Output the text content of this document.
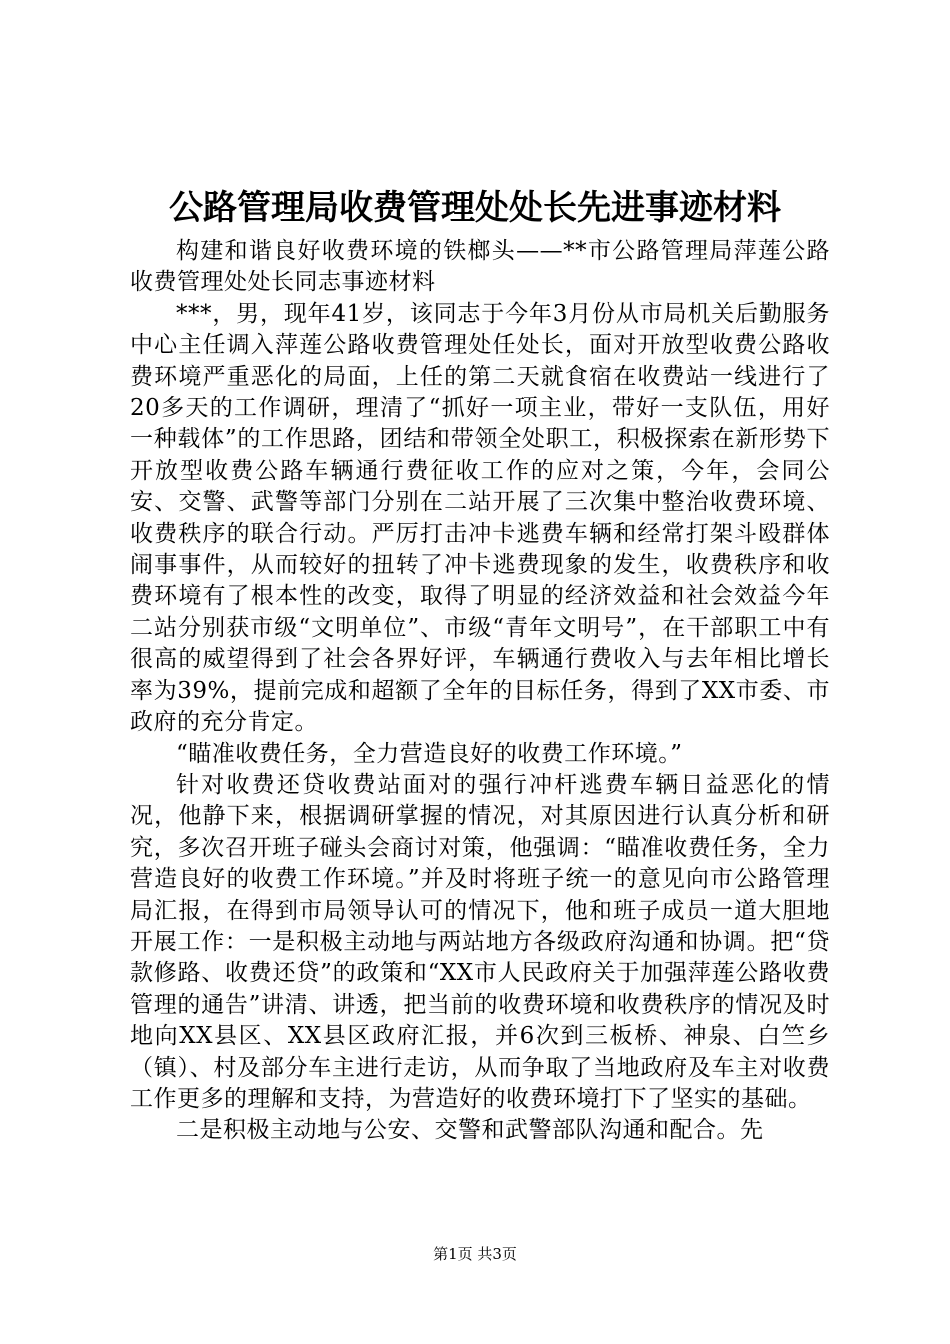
公路管理局收费管理处处长先进事迹材料

构建和谐良好收费环境的铁榔头——**市公路管理局萍莲公路收费管理处处长同志事迹材料

***，男，现年41岁，该同志于今年3月份从市局机关后勤服务中心主任调入萍莲公路收费管理处任处长，面对开放型收费公路收费环境严重恶化的局面，上任的第二天就食宿在收费站一线进行了20多天的工作调研，理清了“抓好一项主业，带好一支队伍，用好一种载体”的工作思路，团结和带领全处职工，积极探索在新形势下开放型收费公路车辆通行费征收工作的应对之策，今年，会同公安、交警、武警等部门分别在二站开展了三次集中整治收费环境、收费秩序的联合行动。严厉打击冲卡逃费车辆和经常打架斗殴群体闹事事件，从而较好的扭转了冲卡逃费现象的发生，收费秩序和收费环境有了根本性的改变，取得了明显的经济效益和社会效益今年二站分别获市级“文明单位”、市级“青年文明号”，在干部职工中有很高的威望得到了社会各界好评，车辆通行费收入与去年相比增长率为39%，提前完成和超额了全年的目标任务，得到了XX市委、市政府的充分肯定。

“瞄准收费任务，全力营造良好的收费工作环境。”

针对收费还贷收费站面对的强行冲杆逃费车辆日益恶化的情况，他静下来，根据调研掌握的情况，对其原因进行认真分析和研究，多次召开班子碰头会商讨对策，他强调：“瞄准收费任务，全力营造良好的收费工作环境。”并及时将班子统一的意见向市公路管理局汇报，在得到市局领导认可的情况下，他和班子成员一道大胆地开展工作：一是积极主动地与两站地方各级政府沟通和协调。把“贷款修路、收费还贷”的政策和“XX市人民政府关于加强萍莲公路收费管理的通告”讲清、讲透，把当前的收费环境和收费秩序的情况及时地向XX县区、XX县区政府汇报，并6次到三板桥、神泉、白竺乡（镇）、村及部分车主进行走访，从而争取了当地政府及车主对收费工作更多的理解和支持，为营造好的收费环境打下了坚实的基础。

二是积极主动地与公安、交警和武警部队沟通和配合。先

第1页 共3页
